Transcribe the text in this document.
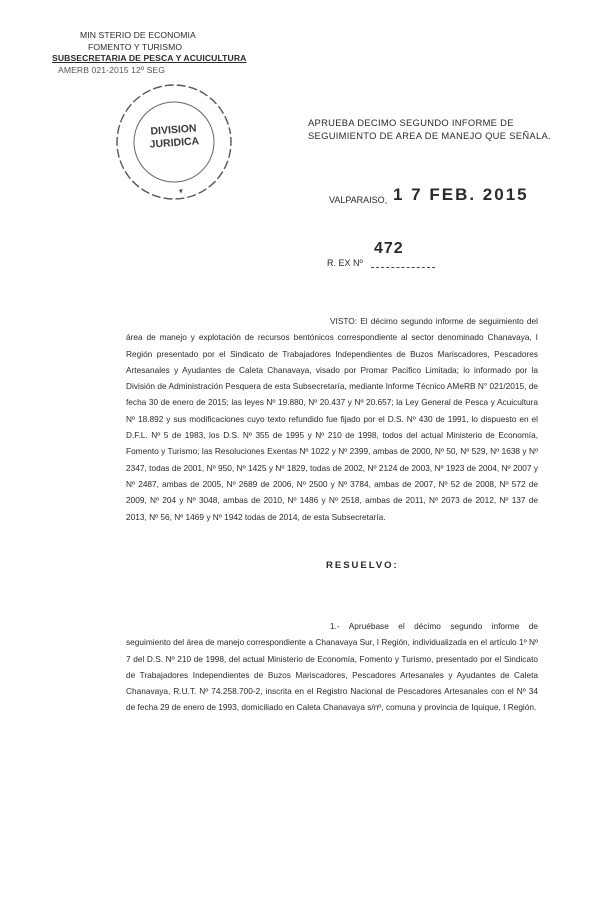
MIN STERIO DE ECONOMIA
FOMENTO Y TURISMO
SUBSECRETARIA DE PESCA Y ACUICULTURA
AMERB 021-2015 12º SEG
DIVISION
JURIDICA
APRUEBA DECIMO SEGUNDO INFORME DE
SEGUIMIENTO DE AREA DE MANEJO QUE SEÑALA.
VALPARAISO, 1 7 FEB. 2015
R. EX Nº
472
VISTO: El décimo segundo informe de seguimiento del área de manejo y explotación de recursos bentónicos correspondiente al sector denominado Chanavaya, I Región presentado por el Sindicato de Trabajadores Independientes de Buzos Mariscadores, Pescadores Artesanales y Ayudantes de Caleta Chanavaya, visado por Promar Pacifico Limitada; lo informado por la División de Administración Pesquera de esta Subsecretaría, mediante Informe Técnico AMeRB N° 021/2015, de fecha 30 de enero de 2015; las leyes Nº 19.880, Nº 20.437 y Nº 20.657; la Ley General de Pesca y Acuicultura Nº 18.892 y sus modificaciones cuyo texto refundido fue fijado por el D.S. Nº 430 de 1991, lo dispuesto en el D.F.L. Nº 5 de 1983, los D.S. Nº 355 de 1995 y Nº 210 de 1998, todos del actual Ministerio de Economía, Fomento y Turismo; las Resoluciones Exentas Nº 1022 y Nº 2399, ambas de 2000, Nº 50, Nº 529, Nº 1638 y Nº 2347, todas de 2001, Nº 950, Nº 1425 y Nº 1829, todas de 2002, Nº 2124 de 2003, Nº 1923 de 2004, Nº 2007 y Nº 2487, ambas de 2005, Nº 2689 de 2006, Nº 2500 y Nº 3784, ambas de 2007, Nº 52 de 2008, Nº 572 de 2009, Nº 204 y Nº 3048, ambas de 2010, Nº 1486 y Nº 2518, ambas de 2011, Nº 2073 de 2012, Nº 137 de 2013, Nº 56, Nº 1469 y Nº 1942 todas de 2014, de esta Subsecretaría.
RESUELVO:
1.- Apruébase el décimo segundo informe de seguimiento del área de manejo correspondiente a Chanavaya Sur, I Región, individualizada en el artículo 1º Nº 7 del D.S. Nº 210 de 1998, del actual Ministerio de Economía, Fomento y Turismo, presentado por el Sindicato de Trabajadores Independientes de Buzos Mariscadores, Pescadores Artesanales y Ayudantes de Caleta Chanavaya, R.U.T. Nº 74.258.700-2, inscrita en el Registro Nacional de Pescadores Artesanales con el Nº 34 de fecha 29 de enero de 1993, domiciliado en Caleta Chanavaya s/nº, comuna y provincia de Iquique, I Región.
